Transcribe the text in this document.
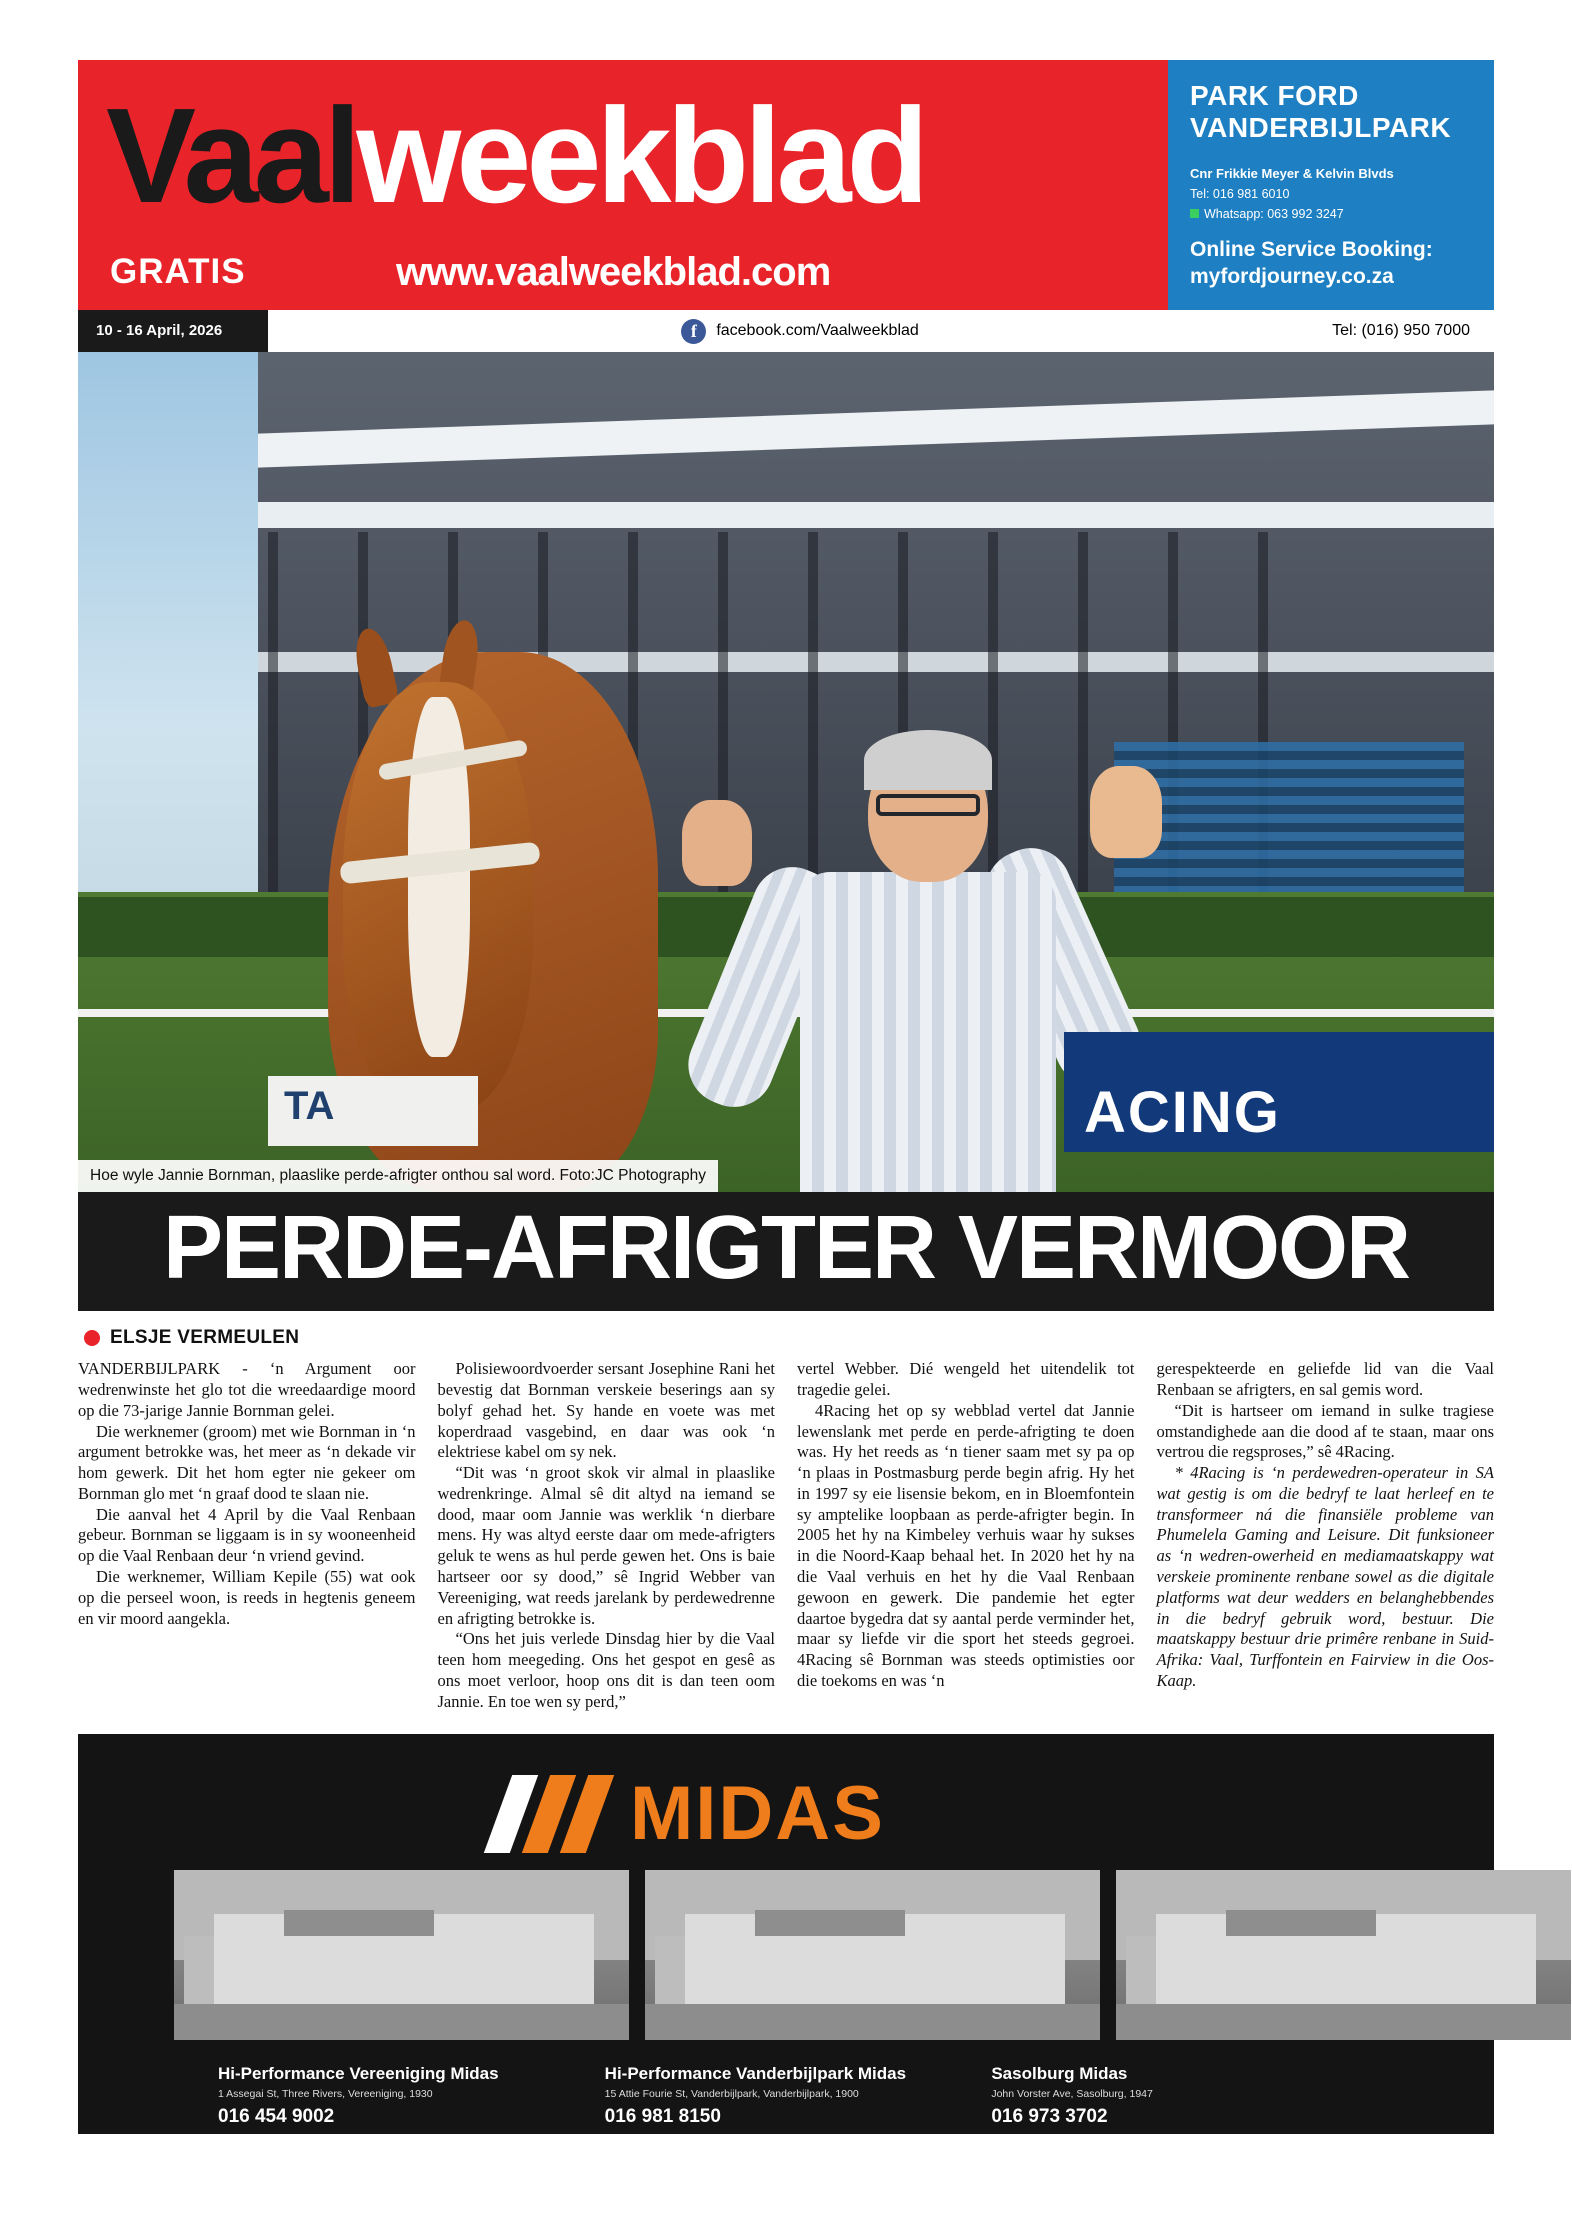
Vaalweekblad
GRATIS	www.vaalweekblad.com
PARK FORD
VANDERBIJLPARK
Cnr Frikkie Meyer & Kelvin Blvds
Tel: 016 981 6010
Whatsapp: 063 992 3247
Online Service Booking:
myfordjourney.co.za
10 - 16 April, 2026	f	facebook.com/Vaalweekblad	Tel: (016) 950 7000
TA	ACING
Hoe wyle Jannie Bornman, plaaslike perde-afrigter onthou sal word. Foto:JC Photography
PERDE-AFRIGTER VERMOOR
ELSJE VERMEULEN

VANDERBIJLPARK - ‘n Argument oor wedrenwinste het glo tot die wreedaardige moord op die 73-jarige Jannie Bornman gelei.

Die werknemer (groom) met wie Bornman in ‘n argument betrokke was, het meer as ‘n dekade vir hom gewerk. Dit het hom egter nie gekeer om Bornman glo met ‘n graaf dood te slaan nie.

Die aanval het 4 April by die Vaal Renbaan gebeur. Bornman se liggaam is in sy wooneenheid op die Vaal Renbaan deur ‘n vriend gevind.

Die werknemer, William Kepile (55) wat ook op die perseel woon, is reeds in hegtenis geneem en vir moord aangekla.

Polisiewoordvoerder sersant Josephine Rani het bevestig dat Bornman verskeie beserings aan sy bolyf gehad het. Sy hande en voete was met koperdraad vasgebind, en daar was ook ‘n elektriese kabel om sy nek.

“Dit was ‘n groot skok vir almal in plaaslike wedrenkringe. Almal sê dit altyd na iemand se dood, maar oom Jannie was werklik ‘n dierbare mens. Hy was altyd eerste daar om mede-afrigters geluk te wens as hul perde gewen het. Ons is baie hartseer oor sy dood,” sê Ingrid Webber van Vereeniging, wat reeds jarelank by perdewedrenne en afrigting betrokke is.

“Ons het juis verlede Dinsdag hier by die Vaal teen hom meegeding. Ons het gespot en gesê as ons moet verloor, hoop ons dit is dan teen oom Jannie. En toe wen sy perd,”

vertel Webber. Dié wengeld het uitendelik tot tragedie gelei.

4Racing het op sy webblad vertel dat Jannie lewenslank met perde en perde-afrigting te doen was. Hy het reeds as ‘n tiener saam met sy pa op ‘n plaas in Postmasburg perde begin afrig. Hy het in 1997 sy eie lisensie bekom, en in Bloemfontein sy amptelike loopbaan as perde-afrigter begin. In 2005 het hy na Kimbeley verhuis waar hy sukses in die Noord-Kaap behaal het. In 2020 het hy na die Vaal verhuis en het hy die Vaal Renbaan gewoon en gewerk. Die pandemie het egter daartoe bygedra dat sy aantal perde verminder het, maar sy liefde vir die sport het steeds gegroei. 4Racing sê Bornman was steeds optimisties oor die toekoms en was ‘n

gerespekteerde en geliefde lid van die Vaal Renbaan se afrigters, en sal gemis word.

“Dit is hartseer om iemand in sulke tragiese omstandighede aan die dood af te staan, maar ons vertrou die regsproses,” sê 4Racing.

* 4Racing is ‘n perdewedren-operateur in SA wat gestig is om die bedryf te laat herleef en te transformeer ná die finansiële probleme van Phumelela Gaming and Leisure. Dit funksioneer as ‘n wedren-owerheid en mediamaatskappy wat verskeie prominente renbane sowel as die digitale platforms wat deur wedders en belanghebbendes in die bedryf gebruik word, bestuur. Die maatskappy bestuur drie primêre renbane in Suid-Afrika: Vaal, Turffontein en Fairview in die Oos-Kaap.

MIDAS
Hi-Performance Vereeniging Midas
1 Assegai St, Three Rivers, Vereeniging, 1930
016 454 9002
Hi-Performance Vanderbijlpark Midas
15 Attie Fourie St, Vanderbijlpark, Vanderbijlpark, 1900
016 981 8150
Sasolburg Midas
John Vorster Ave, Sasolburg, 1947
016 973 3702
